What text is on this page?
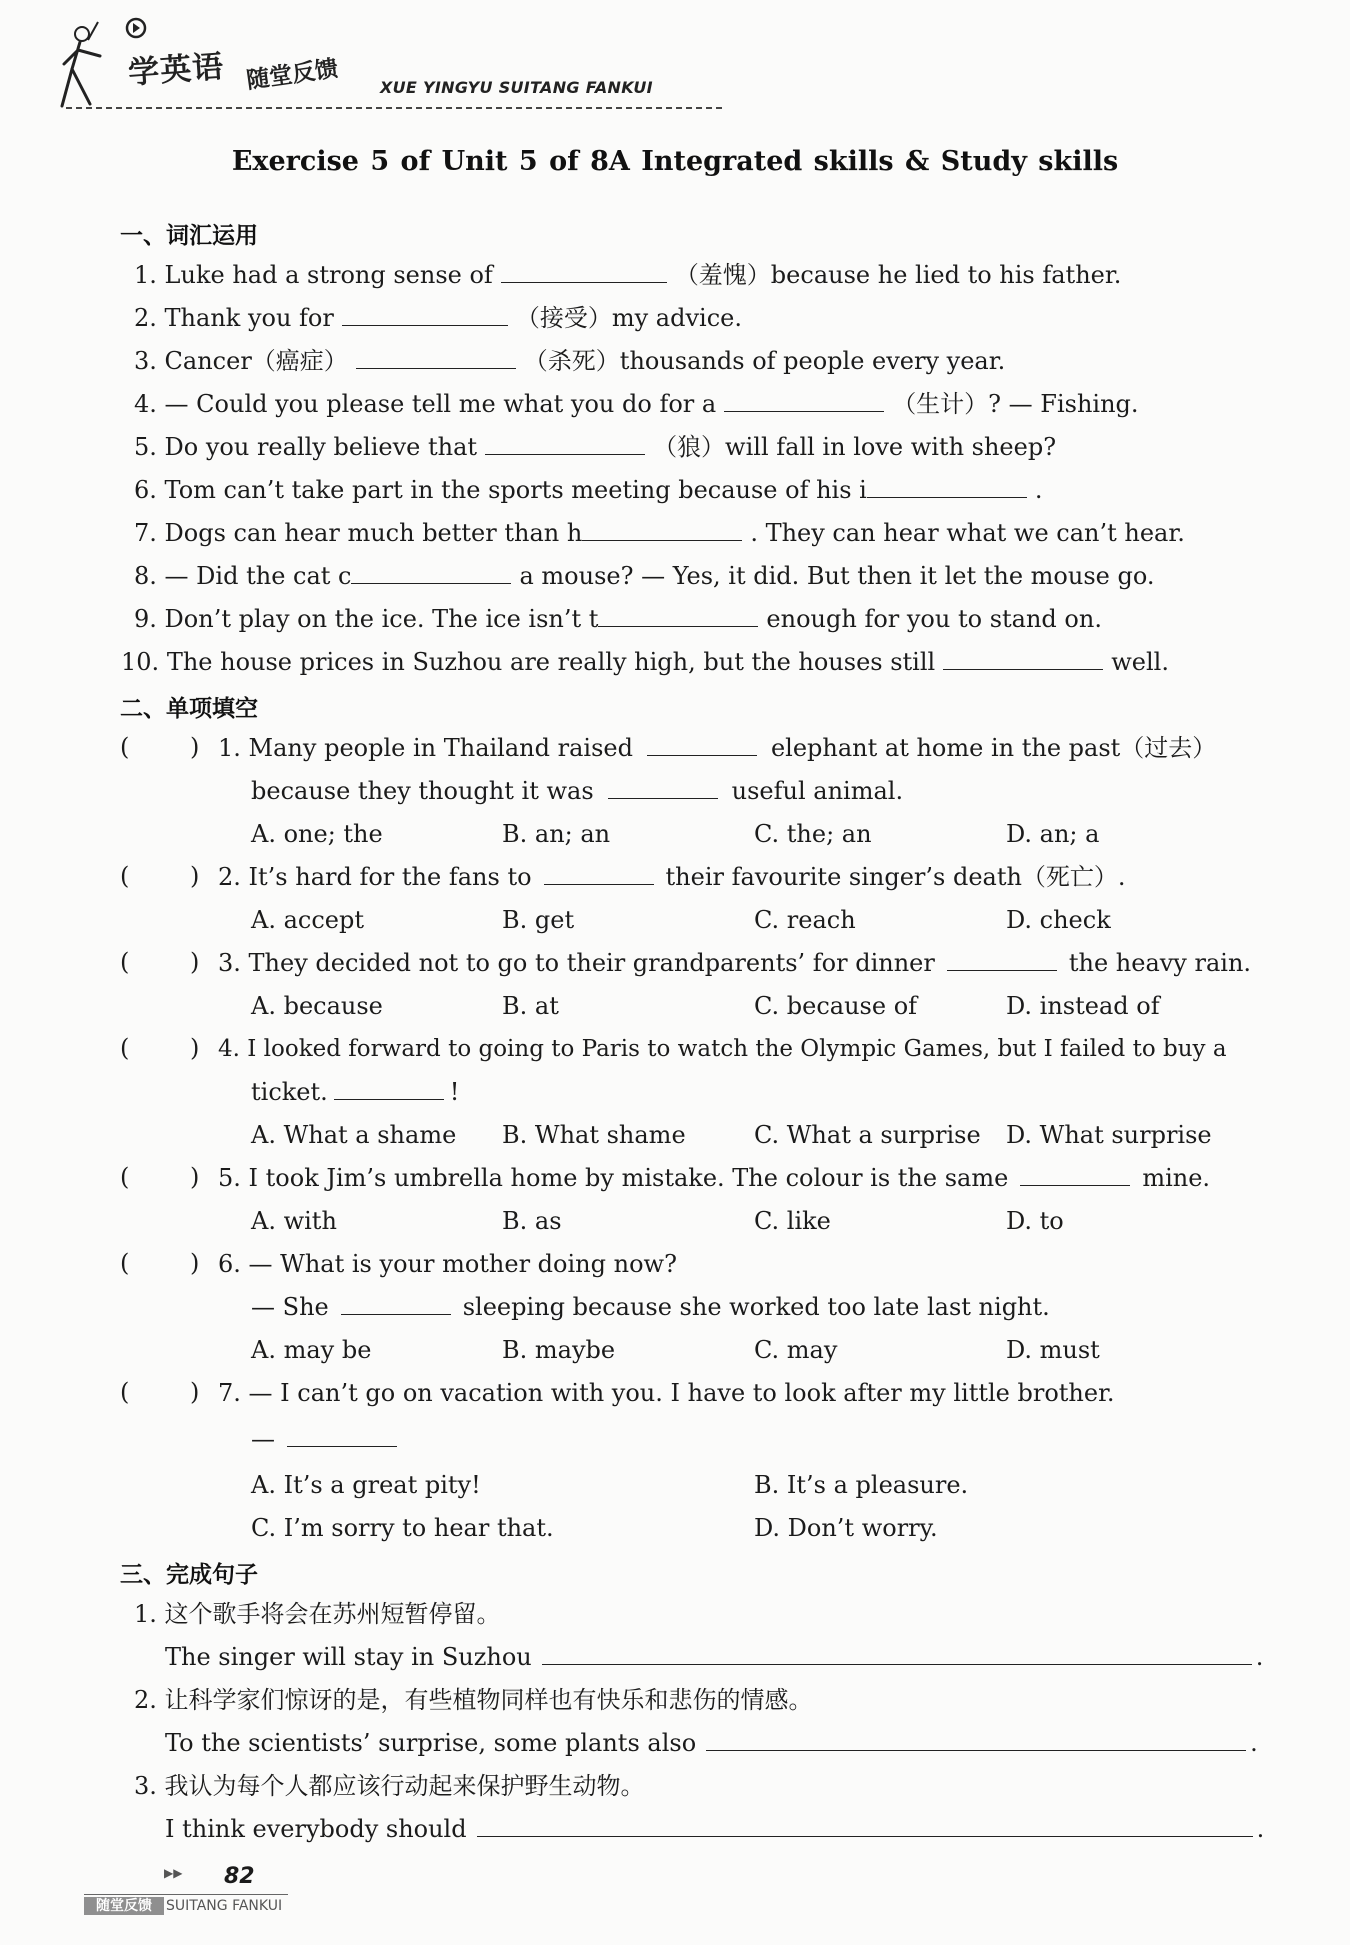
学英语 随堂反馈	XUE YINGYU SUITANG FANKUI
Exercise 5 of Unit 5 of 8A Integrated skills & Study skills
一、词汇运用
1. Luke had a strong sense of	（羞愧）because he lied to his father.
2. Thank you for	（接受）my advice.
3. Cancer（癌症）	（杀死）thousands of people every year.
4. — Could you please tell me what you do for a	（生计）? — Fishing.
5. Do you really believe that	（狼）will fall in love with sheep?
6. Tom can’t take part in the sports meeting because of his i	.
7. Dogs can hear much better than h	. They can hear what we can’t hear.
8. — Did the cat c	a mouse? — Yes, it did. But then it let the mouse go.
9. Don’t play on the ice. The ice isn’t t	enough for you to stand on.
10. The house prices in Suzhou are really high, but the houses still	well.
二、单项填空
(	) 1. Many people in Thailand raised	elephant at home in the past（过去）
because they thought it was	useful animal.
A. one; the	B. an; an	C. the; an	D. an; a
(	) 2. It’s hard for the fans to	their favourite singer’s death（死亡）.
A. accept	B. get	C. reach	D. check
(	) 3. They decided not to go to their grandparents’ for dinner	the heavy rain.
A. because	B. at	C. because of	D. instead of
(	) 4. I looked forward to going to Paris to watch the Olympic Games, but I failed to buy a
ticket.	!
A. What a shame B. What shame	C. What a surprise D. What surprise
(	) 5. I took Jim’s umbrella home by mistake. The colour is the same	mine.
A. with	B. as	C. like	D. to
(	) 6. — What is your mother doing now?
— She	sleeping because she worked too late last night.
A. may be	B. maybe	C. may	D. must
(	) 7. — I can’t go on vacation with you. I have to look after my little brother.
—
A. It’s a great pity!	B. It’s a pleasure.
C. I’m sorry to hear that.	D. Don’t worry.
三、完成句子
1. 这个歌手将会在苏州短暂停留。
The singer will stay in Suzhou	.
2. 让科学家们惊讶的是，有些植物同样也有快乐和悲伤的情感。
To the scientists’ surprise, some plants also	.
3. 我认为每个人都应该行动起来保护野生动物。
I think everybody should	.
▶▶ 82
随堂反馈	SUITANG FANKUI
